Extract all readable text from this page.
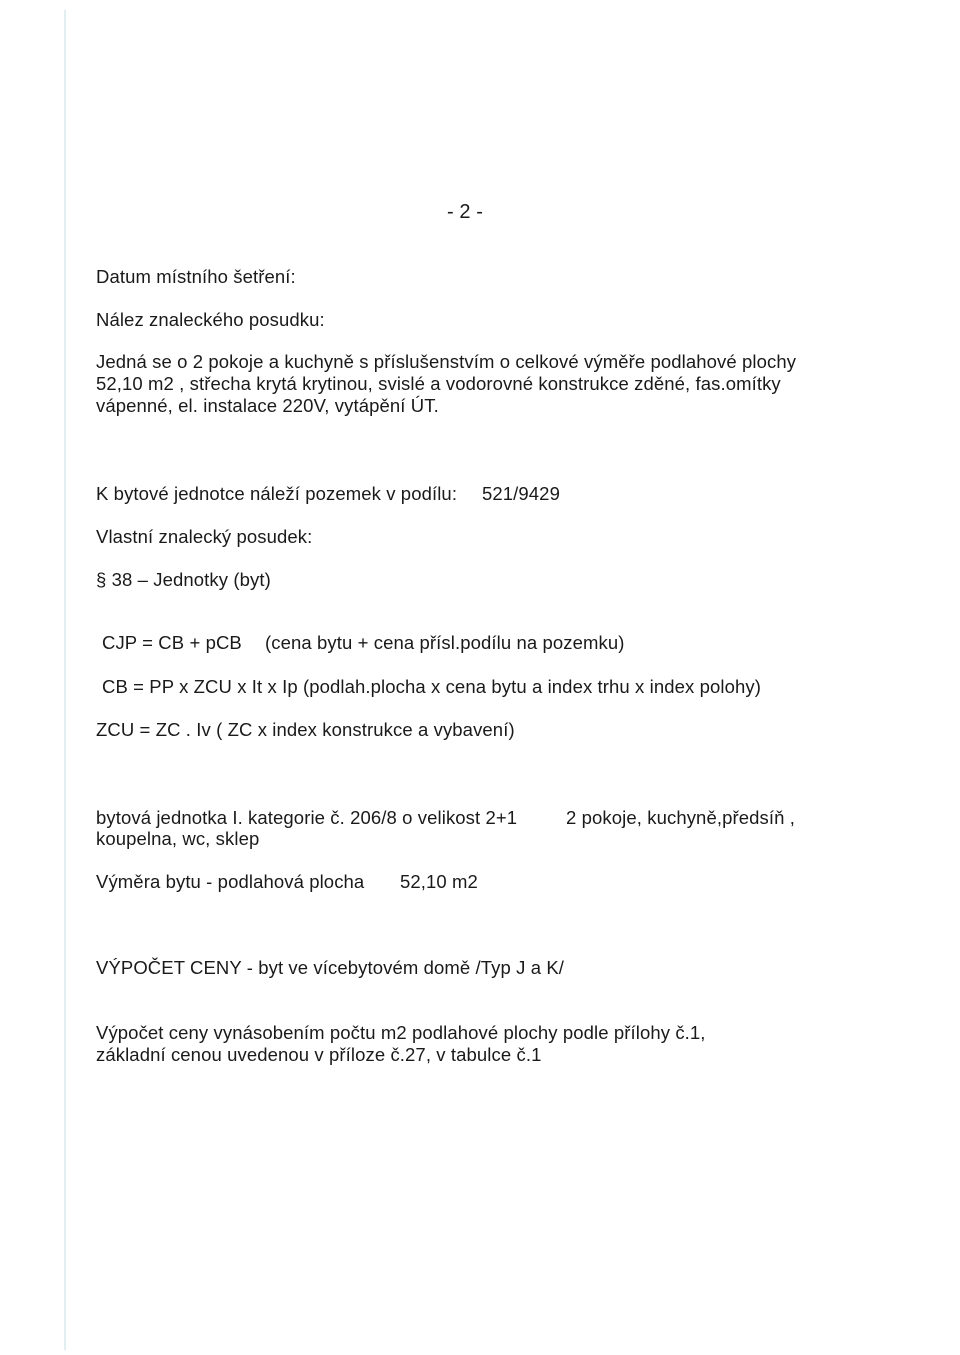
- 2 -
Datum místního šetření:
Nález znaleckého posudku:
Jedná se o 2 pokoje a kuchyně s příslušenstvím o celkové výměře podlahové plochy
52,10 m2 , střecha krytá krytinou, svislé a vodorovné konstrukce zděné, fas.omítky
vápenné, el. instalace 220V, vytápění ÚT.
K bytové jednotce náleží pozemek v podílu: 521/9429
Vlastní znalecký posudek:
§ 38 – Jednotky (byt)
CJP = CB + pCB (cena bytu + cena přísl.podílu na pozemku)
CB = PP x ZCU x It x Ip (podlah.plocha x cena bytu a index trhu x index polohy)
ZCU = ZC . Iv ( ZC x index konstrukce a vybavení)
bytová jednotka I. kategorie č. 206/8 o velikost 2+1	2 pokoje, kuchyně,předsíň ,
koupelna, wc, sklep
Výměra bytu - podlahová plocha 52,10 m2
VÝPOČET CENY - byt ve vícebytovém domě /Typ J a K/
Výpočet ceny vynásobením počtu m2 podlahové plochy podle přílohy č.1,
základní cenou uvedenou v příloze č.27, v tabulce č.1
